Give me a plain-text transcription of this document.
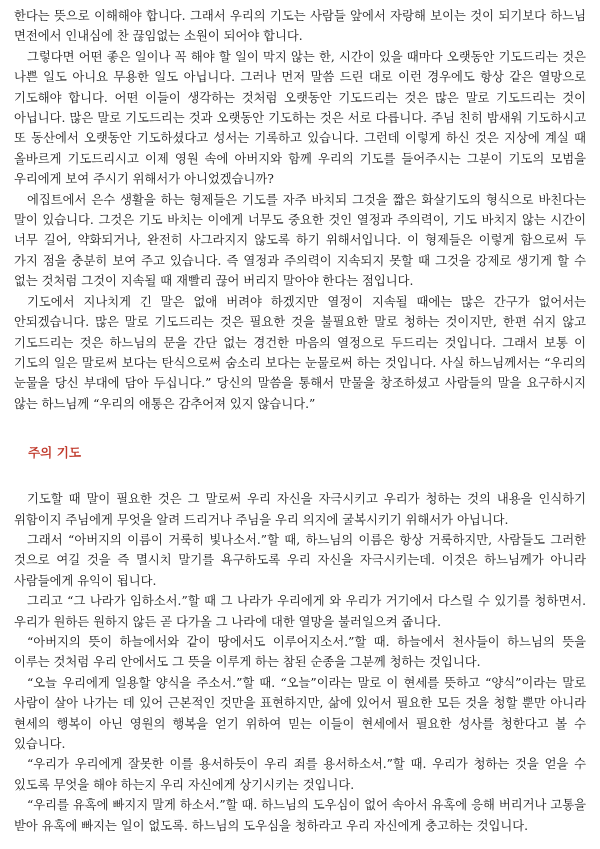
한다는 뜻으로 이해해야 합니다. 그래서 우리의 기도는 사람들 앞에서 자랑해 보이는 것이 되기보다 하느님 면전에서 인내심에 찬 끊임없는 소원이 되어야 합니다.

그렇다면 어떤 좋은 일이나 꼭 해야 할 일이 막지 않는 한, 시간이 있을 때마다 오랫동안 기도드리는 것은 나쁜 일도 아니요 무용한 일도 아닙니다. 그러나 먼저 말씀 드린 대로 이런 경우에도 항상 같은 열망으로 기도해야 합니다. 어떤 이들이 생각하는 것처럼 오랫동안 기도드리는 것은 많은 말로 기도드리는 것이 아닙니다. 많은 말로 기도드리는 것과 오랫동안 기도하는 것은 서로 다릅니다. 주님 친히 밤새워 기도하시고 또 동산에서 오랫동안 기도하셨다고 성서는 기록하고 있습니다. 그런데 이렇게 하신 것은 지상에 계실 때 올바르게 기도드리시고 이제 영원 속에 아버지와 함께 우리의 기도를 들어주시는 그분이 기도의 모범을 우리에게 보여 주시기 위해서가 아니었겠습니까?

에집트에서 은수 생활을 하는 형제들은 기도를 자주 바치되 그것을 짧은 화살기도의 형식으로 바친다는 말이 있습니다. 그것은 기도 바치는 이에게 너무도 중요한 것인 열정과 주의력이, 기도 바치지 않는 시간이 너무 길어, 약화되거나, 완전히 사그라지지 않도록 하기 위해서입니다. 이 형제들은 이렇게 함으로써 두 가지 점을 충분히 보여 주고 있습니다. 즉 열정과 주의력이 지속되지 못할 때 그것을 강제로 생기게 할 수 없는 것처럼 그것이 지속될 때 재빨리 끊어 버리지 말아야 한다는 점입니다.

기도에서 지나치게 긴 말은 없애 버려야 하겠지만 열정이 지속될 때에는 많은 간구가 없어서는 안되겠습니다. 많은 말로 기도드리는 것은 필요한 것을 불필요한 말로 청하는 것이지만, 한편 쉬지 않고 기도드리는 것은 하느님의 문을 간단 없는 경건한 마음의 열정으로 두드리는 것입니다. 그래서 보통 이 기도의 일은 말로써 보다는 탄식으로써 숨소리 보다는 눈물로써 하는 것입니다. 사실 하느님께서는 “우리의 눈물을 당신 부대에 담아 두십니다.” 당신의 말씀을 통해서 만물을 창조하셨고 사람들의 말을 요구하시지 않는 하느님께 “우리의 애통은 감추어져 있지 않습니다.”

주의 기도

기도할 때 말이 필요한 것은 그 말로써 우리 자신을 자극시키고 우리가 청하는 것의 내용을 인식하기 위함이지 주님에게 무엇을 알려 드리거나 주님을 우리 의지에 굴복시키기 위해서가 아닙니다.

그래서 “아버지의 이름이 거룩히 빛나소서.”할 때, 하느님의 이름은 항상 거룩하지만, 사람들도 그러한 것으로 여길 것을 즉 멸시치 말기를 욕구하도록 우리 자신을 자극시키는데. 이것은 하느님께가 아니라 사람들에게 유익이 됩니다.

그리고 “그 나라가 임하소서.”할 때 그 나라가 우리에게 와 우리가 거기에서 다스릴 수 있기를 청하면서. 우리가 원하든 원하지 않든 곧 다가올 그 나라에 대한 열망을 불러일으켜 줍니다.

“아버지의 뜻이 하늘에서와 같이 땅에서도 이루어지소서.”할 때. 하늘에서 천사들이 하느님의 뜻을 이루는 것처럼 우리 안에서도 그 뜻을 이루게 하는 참된 순종을 그분께 청하는 것입니다.

“오늘 우리에게 일용할 양식을 주소서.”할 때. “오늘”이라는 말로 이 현세를 뜻하고 “양식”이라는 말로 사람이 살아 나가는 데 있어 근본적인 것만을 표현하지만, 삶에 있어서 필요한 모든 것을 청할 뿐만 아니라 현세의 행복이 아닌 영원의 행복을 얻기 위하여 믿는 이들이 현세에서 필요한 성사를 청한다고 볼 수 있습니다.

“우리가 우리에게 잘못한 이를 용서하듯이 우리 죄를 용서하소서.”할 때. 우리가 청하는 것을 얻을 수 있도록 무엇을 해야 하는지 우리 자신에게 상기시키는 것입니다.

“우리를 유혹에 빠지지 말게 하소서.”할 때. 하느님의 도우심이 없어 속아서 유혹에 응해 버리거나 고통을 받아 유혹에 빠지는 일이 없도록. 하느님의 도우심을 청하라고 우리 자신에게 충고하는 것입니다.
